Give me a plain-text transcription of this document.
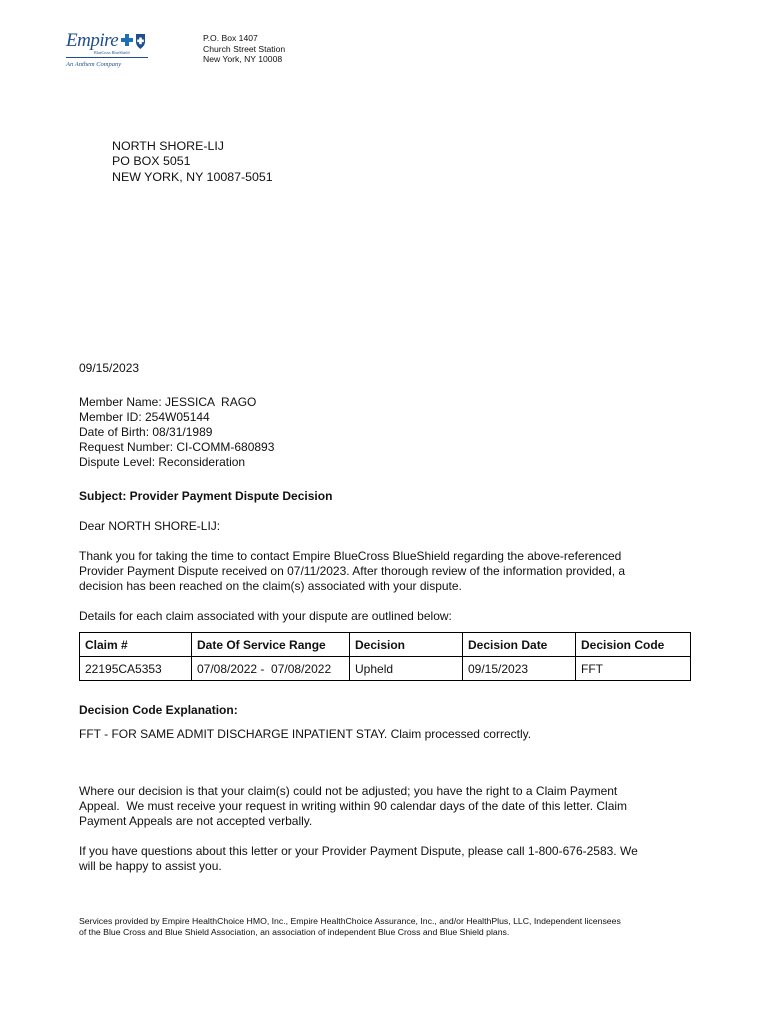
Empire
BlueCross BlueShield
An Anthem Company
P.O. Box 1407
Church Street Station
New York, NY 10008
NORTH SHORE-LIJ
PO BOX 5051
NEW YORK, NY 10087-5051
09/15/2023
Member Name: JESSICA  RAGO
Member ID: 254W05144
Date of Birth: 08/31/1989
Request Number: CI-COMM-680893
Dispute Level: Reconsideration
Subject: Provider Payment Dispute Decision
Dear NORTH SHORE-LIJ:
Thank you for taking the time to contact Empire BlueCross BlueShield regarding the above-referenced
Provider Payment Dispute received on 07/11/2023. After thorough review of the information provided, a
decision has been reached on the claim(s) associated with your dispute.
Details for each claim associated with your dispute are outlined below:
Claim #	Date Of Service Range	Decision	Decision Date	Decision Code
22195CA5353	07/08/2022 -  07/08/2022	Upheld	09/15/2023	FFT
Decision Code Explanation:
FFT - FOR SAME ADMIT DISCHARGE INPATIENT STAY. Claim processed correctly.
Where our decision is that your claim(s) could not be adjusted; you have the right to a Claim Payment
Appeal.  We must receive your request in writing within 90 calendar days of the date of this letter. Claim
Payment Appeals are not accepted verbally.
If you have questions about this letter or your Provider Payment Dispute, please call 1-800-676-2583. We
will be happy to assist you.
Services provided by Empire HealthChoice HMO, Inc., Empire HealthChoice Assurance, Inc., and/or HealthPlus, LLC, Independent licensees
of the Blue Cross and Blue Shield Association, an association of independent Blue Cross and Blue Shield plans.
